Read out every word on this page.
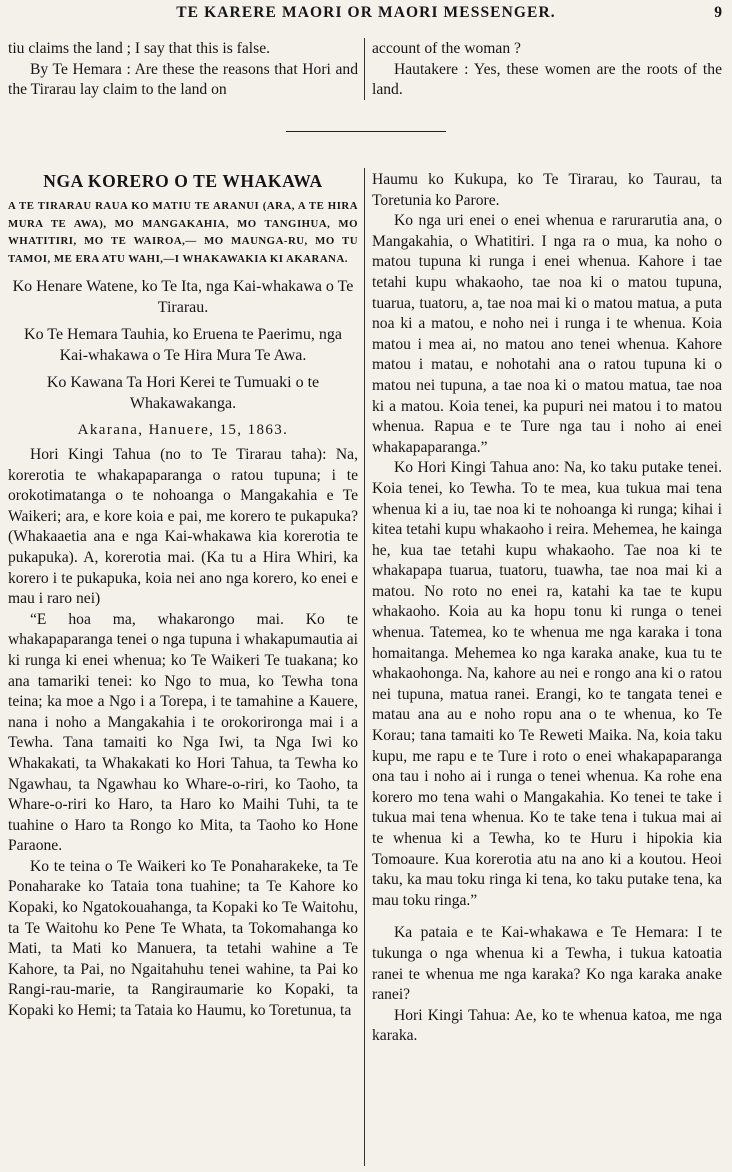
TE KARERE MAORI OR MAORI MESSENGER.	9

tiu claims the land ; I say that this is false.

By Te Hemara : Are these the reasons that Hori and the Tirarau lay claim to the land on

account of the woman ?

Hautakere : Yes, these women are the roots of the land.

NGA KORERO O TE WHAKAWA

A TE TIRARAU RAUA KO MATIU TE ARANUI (ARA, A TE HIRA MURA TE AWA), MO MANGAKAHIA, MO TANGIHUA, MO WHATITIRI, MO TE WAIROA,— MO MAUNGA-RU, MO TU TAMOI, ME ERA ATU WAHI,—I WHAKAWAKIA KI AKARANA.

Ko Henare Watene, ko Te Ita, nga Kai-whakawa o Te Tirarau.

Ko Te Hemara Tauhia, ko Eruena te Paerimu, nga Kai-whakawa o Te Hira Mura Te Awa.

Ko Kawana Ta Hori Kerei te Tumuaki o te Whakawakanga.

Akarana, Hanuere, 15, 1863.

Hori Kingi Tahua (no to Te Tirarau taha): Na, korerotia te whakapaparanga o ratou tupuna; i te orokotimatanga o te nohoanga o Mangakahia e Te Waikeri; ara, e kore koia e pai, me korero te pukapuka? (Whakaaetia ana e nga Kai-whakawa kia korerotia te pukapuka). A, korerotia mai. (Ka tu a Hira Whiri, ka korero i te pukapuka, koia nei ano nga korero, ko enei e mau i raro nei)

“E hoa ma, whakarongo mai. Ko te whakapaparanga tenei o nga tupuna i whakapumautia ai ki runga ki enei whenua; ko Te Waikeri Te tuakana; ko ana tamariki tenei: ko Ngo to mua, ko Tewha tona teina; ka moe a Ngo i a Torepa, i te tamahine a Kauere, nana i noho a Mangakahia i te orokorironga mai i a Tewha. Tana tamaiti ko Nga Iwi, ta Nga Iwi ko Whakakati, ta Whakakati ko Hori Tahua, ta Tewha ko Ngawhau, ta Ngawhau ko Whare-o-riri, ko Taoho, ta Whare-o-riri ko Haro, ta Haro ko Maihi Tuhi, ta te tuahine o Haro ta Rongo ko Mita, ta Taoho ko Hone Paraone.

Ko te teina o Te Waikeri ko Te Ponaharakeke, ta Te Ponaharake ko Tataia tona tuahine; ta Te Kahore ko Kopaki, ko Ngatokouahanga, ta Kopaki ko Te Waitohu, ta Te Waitohu ko Pene Te Whata, ta Tokomahanga ko Mati, ta Mati ko Manuera, ta tetahi wahine a Te Kahore, ta Pai, no Ngaitahuhu tenei wahine, ta Pai ko Rangi-rau-marie, ta Rangiraumarie ko Kopaki, ta Kopaki ko Hemi; ta Tataia ko Haumu, ko Toretunua, ta

Haumu ko Kukupa, ko Te Tirarau, ko Taurau, ta Toretunia ko Parore.

Ko nga uri enei o enei whenua e rarurarutia ana, o Mangakahia, o Whatitiri. I nga ra o mua, ka noho o matou tupuna ki runga i enei whenua. Kahore i tae tetahi kupu whakaoho, tae noa ki o matou tupuna, tuarua, tuatoru, a, tae noa mai ki o matou matua, a puta noa ki a matou, e noho nei i runga i te whenua. Koia matou i mea ai, no matou ano tenei whenua. Kahore matou i matau, e nohotahi ana o ratou tupuna ki o matou nei tupuna, a tae noa ki o matou matua, tae noa ki a matou. Koia tenei, ka pupuri nei matou i to matou whenua. Rapua e te Ture nga tau i noho ai enei whakapaparanga.”

Ko Hori Kingi Tahua ano: Na, ko taku putake tenei. Koia tenei, ko Tewha. To te mea, kua tukua mai tena whenua ki a iu, tae noa ki te nohoanga ki runga; kihai i kitea tetahi kupu whakaoho i reira. Mehemea, he kainga he, kua tae tetahi kupu whakaoho. Tae noa ki te whakapapa tuarua, tuatoru, tuawha, tae noa mai ki a matou. No roto no enei ra, katahi ka tae te kupu whakaoho. Koia au ka hopu tonu ki runga o tenei whenua. Tatemea, ko te whenua me nga karaka i tona homaitanga. Mehemea ko nga karaka anake, kua tu te whakaohonga. Na, kahore au nei e rongo ana ki o ratou nei tupuna, matua ranei. Erangi, ko te tangata tenei e matau ana au e noho ropu ana o te whenua, ko Te Korau; tana tamaiti ko Te Reweti Maika. Na, koia taku kupu, me rapu e te Ture i roto o enei whakapaparanga ona tau i noho ai i runga o tenei whenua. Ka rohe ena korero mo tena wahi o Mangakahia. Ko tenei te take i tukua mai tena whenua. Ko te take tena i tukua mai ai te whenua ki a Tewha, ko te Huru i hipokia kia Tomoaure. Kua korerotia atu na ano ki a koutou. Heoi taku, ka mau toku ringa ki tena, ko taku putake tena, ka mau toku ringa.”

Ka pataia e te Kai-whakawa e Te Hemara: I te tukunga o nga whenua ki a Tewha, i tukua katoatia ranei te whenua me nga karaka? Ko nga karaka anake ranei?

Hori Kingi Tahua: Ae, ko te whenua katoa, me nga karaka.
